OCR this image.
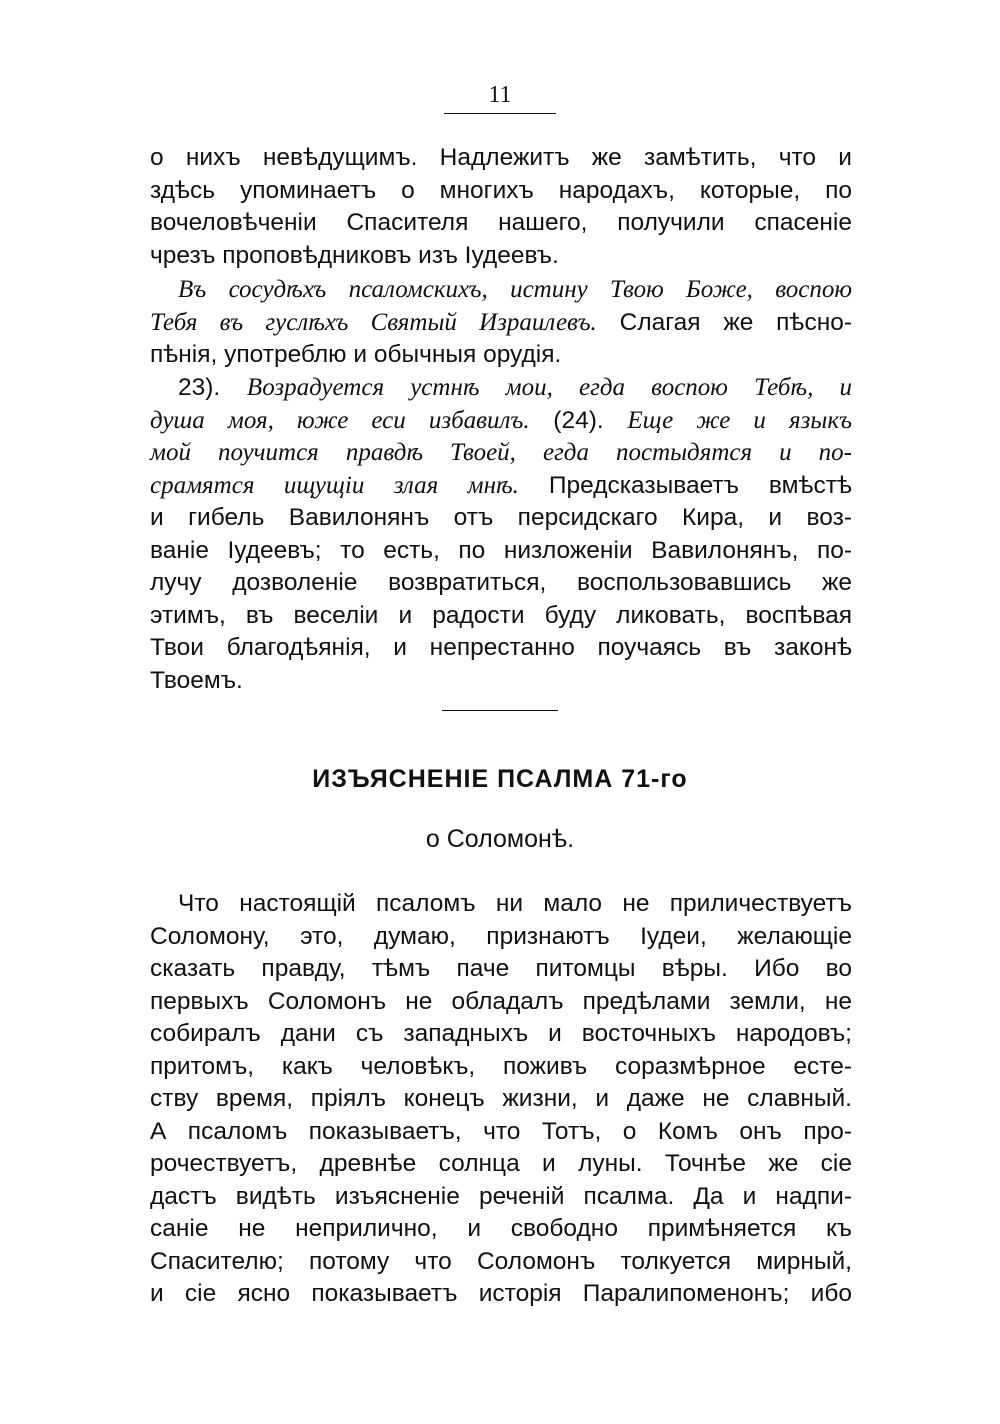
11
о нихъ невѣдущимъ. Надлежитъ же замѣтить, что и
здѣсь упоминаетъ о многихъ народахъ, которые, по
вочеловѣченіи Спасителя нашего, получили спасеніе
чрезъ проповѣдниковъ изъ Іудеевъ.
Въ сосудѣхъ псаломскихъ, истину Твою Боже, воспою
Тебя въ гуслѣхъ Святый Израилевъ. Слагая же пѣсно-
пѣнія, употреблю и обычныя орудія.
23). Возрадуется устнѣ мои, егда воспою Тебѣ, и
душа моя, юже еси избавилъ. (24). Еще же и языкъ
мой поучится правдѣ Твоей, егда постыдятся и по-
срамятся ищущіи злая мнѣ. Предсказываетъ вмѣстѣ
и гибель Вавилонянъ отъ персидскаго Кира, и воз-
ваніе Іудеевъ; то есть, по низложеніи Вавилонянъ, по-
лучу дозволеніе возвратиться, воспользовавшись же
этимъ, въ веселіи и радости буду ликовать, воспѣвая
Твои благодѣянія, и непрестанно поучаясь въ законѣ
Твоемъ.
ИЗЪЯСНЕНІЕ ПСАЛМА 71-го
о Соломонѣ.
Что настоящій псаломъ ни мало не приличествуетъ
Соломону, это, думаю, признаютъ Іудеи, желающіе
сказать правду, тѣмъ паче питомцы вѣры. Ибо во
первыхъ Соломонъ не обладалъ предѣлами земли, не
собиралъ дани съ западныхъ и восточныхъ народовъ;
притомъ, какъ человѣкъ, поживъ соразмѣрное есте-
ству время, пріялъ конецъ жизни, и даже не славный.
А псаломъ показываетъ, что Тотъ, о Комъ онъ про-
рочествуетъ, древнѣе солнца и луны. Точнѣе же сіе
дастъ видѣть изъясненіе реченій псалма. Да и надпи-
саніе не неприлично, и свободно примѣняется къ
Спасителю; потому что Соломонъ толкуется мирный,
и сіе ясно показываетъ исторія Паралипоменонъ; ибо
